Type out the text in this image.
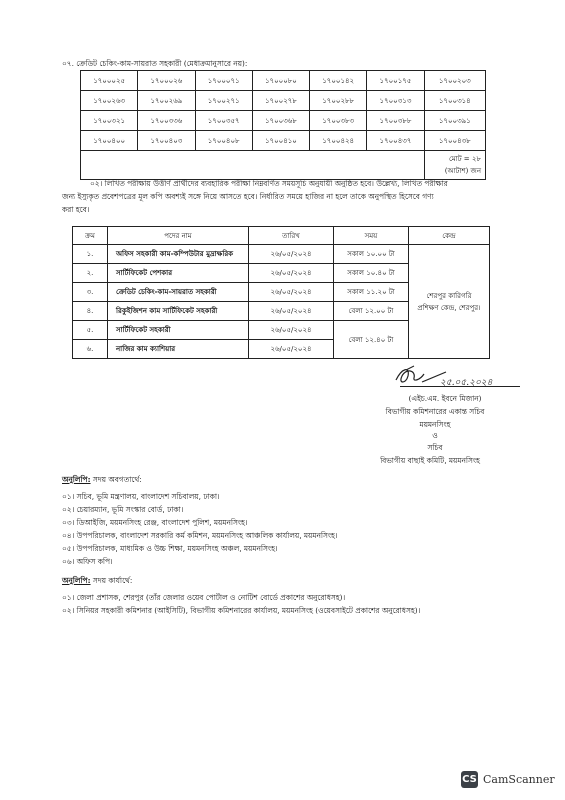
০৭. ক্রেডিট চেকিং-কাম-সায়রাত সহকারী (মেধাক্রমানুসারে নয়):
১৭০০০২৫	১৭০০০২৬	১৭০০০৭১	১৭০০০৮০	১৭০০১৪২	১৭০০১৭৫	১৭০০২০৩
১৭০০২৬৩	১৭০০২৬৯	১৭০০২৭১	১৭০০২৭৮	১৭০০২৮৮	১৭০০৩১৩	১৭০০৩১৪
১৭০০৩২১	১৭০০৩৩৬	১৭০০৩৫৭	১৭০০৩৬৮	১৭০০৩৮৩	১৭০০৩৮৮	১৭০০৩৯১
১৭০০৪০০	১৭০০৪০৩	১৭০০৪০৮	১৭০০৪১০	১৭০০৪২৪	১৭০০৪৩৭	১৭০০৪৩৮

						মোট = ২৮
(আটাশ) জন
০২। লিখিত পরীক্ষায় উত্তীর্ণ প্রার্থীদের ব্যবহারিক পরীক্ষা নিম্নবর্ণিত সময়সূচি অনুযায়ী অনুষ্ঠিত হবে। উল্লেখ্য, লিখিত পরীক্ষার
জন্য ইস্যুকৃত প্রবেশপত্রের মূল কপি অবশ্যই সঙ্গে নিয়ে আসতে হবে। নির্ধারিত সময়ে হাজির না হলে তাকে অনুপস্থিত হিসেবে গণ্য
করা হবে।
ক্রম	পদের নাম	তারিখ	সময়	কেন্দ্র
১.	অফিস সহকারী কাম-কম্পিউটার মুদ্রাক্ষরিক	২৬/০৫/২০২৪	সকাল ১০.০০ টা	শেরপুর কারিগরি
প্রশিক্ষণ কেন্দ্র, শেরপুর।

২.	সার্টিফিকেট পেশকার	২৬/০৫/২০২৪	সকাল ১০.৪০ টা	
৩.	ক্রেডিট চেকিং-কাম-সায়রাত সহকারী	২৬/০৫/২০২৪	সকাল ১১.২০ টা	
৪.	রিকুইজিশন কাম সার্টিফিকেট সহকারী	২৬/০৫/২০২৪	বেলা ১২.০০ টা	
৫.	সার্টিফিকেট সহকারী	২৬/০৫/২০২৪	বেলা ১২.৪০ টা	
৬.	নাজির কাম ক্যাশিয়ার	২৬/০৫/২০২৪		
২৫.০৫.২০২৪
(এইচ.এম. ইবনে মিজান)
বিভাগীয় কমিশনারের একান্ত সচিব
ময়মনসিংহ
ও
সচিব
বিভাগীয় বাছাই কমিটি, ময়মনসিংহ
অনুলিপি: সদয় অবগতার্থে:
০১। সচিব, ভূমি মন্ত্রণালয়, বাংলাদেশ সচিবালয়, ঢাকা।
০২। চেয়ারম্যান, ভূমি সংস্কার বোর্ড, ঢাকা।
০৩। ডিআইজি, ময়মনসিংহ রেঞ্জ, বাংলাদেশ পুলিশ, ময়মনসিংহ।
০৪। উপপরিচালক, বাংলাদেশ সরকারি কর্ম কমিশন, ময়মনসিংহ আঞ্চলিক কার্যালয়, ময়মনসিংহ।
০৫। উপপরিচালক, মাধ্যমিক ও উচ্চ শিক্ষা, ময়মনসিংহ অঞ্চল, ময়মনসিংহ।
০৬। অফিস কপি।
অনুলিপি: সদয় কার্যার্থে:
০১। জেলা প্রশাসক, শেরপুর (তাঁর জেলার ওয়েব পোর্টাল ও নোটিশ বোর্ডে প্রকাশের অনুরোধসহ)।
০২। সিনিয়র সহকারী কমিশনার (আইসিটি), বিভাগীয় কমিশনারের কার্যালয়, ময়মনসিংহ (ওয়েবসাইটে প্রকাশের অনুরোধসহ)।
CS CamScanner
